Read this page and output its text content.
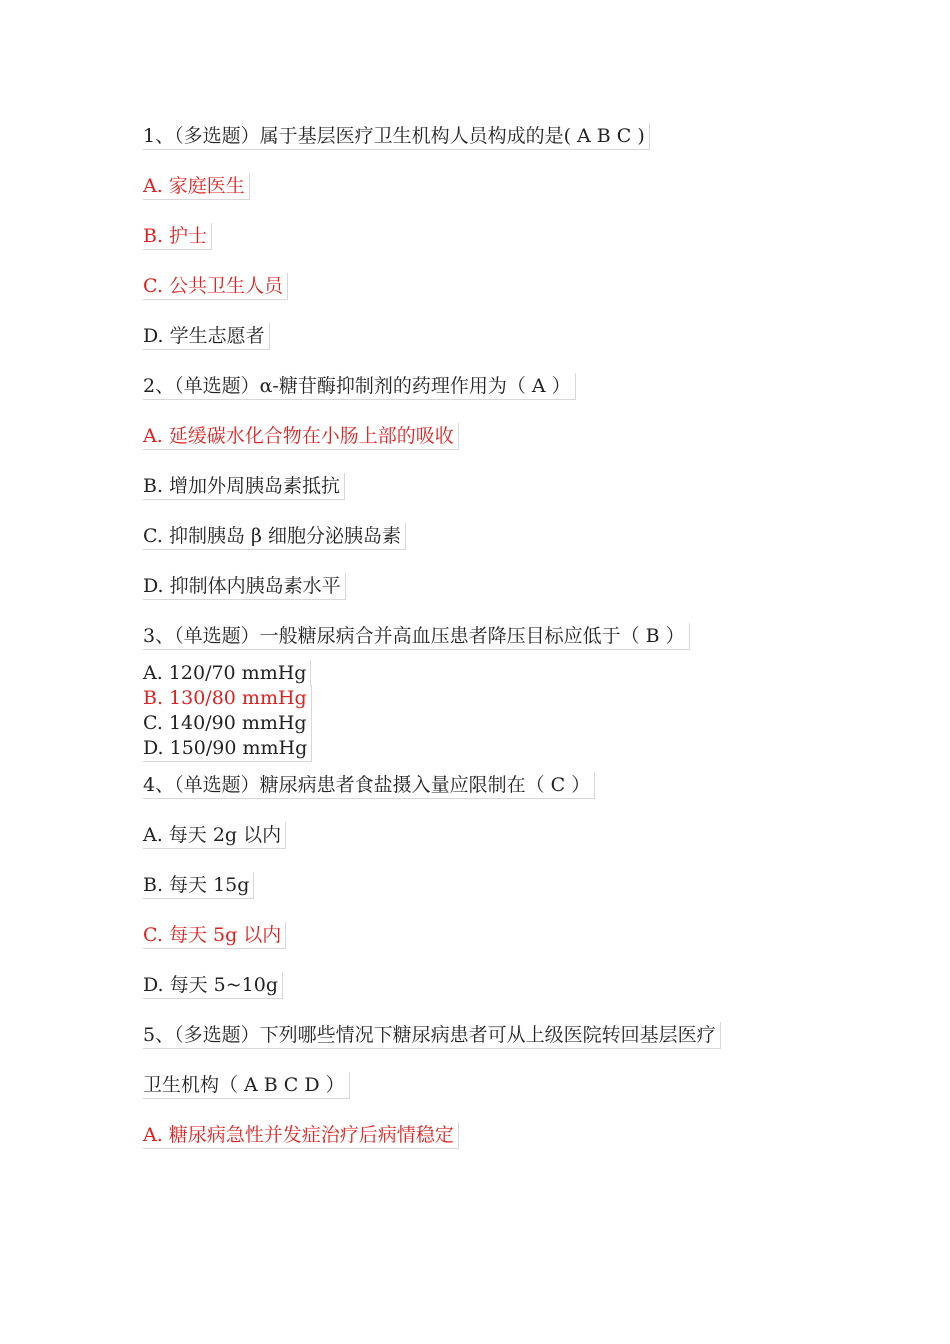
1、（多选题）属于基层医疗卫生机构人员构成的是( A B C )
A. 家庭医生
B. 护士
C. 公共卫生人员
D. 学生志愿者
2、（单选题）α-糖苷酶抑制剂的药理作用为（ A ）
A. 延缓碳水化合物在小肠上部的吸收
B. 增加外周胰岛素抵抗
C. 抑制胰岛 β 细胞分泌胰岛素
D. 抑制体内胰岛素水平
3、（单选题）一般糖尿病合并高血压患者降压目标应低于（ B ）
A. 120/70 mmHg
B. 130/80 mmHg
C. 140/90 mmHg
D. 150/90 mmHg
4、（单选题）糖尿病患者食盐摄入量应限制在（ C ）
A. 每天 2g 以内
B. 每天 15g
C. 每天 5g 以内
D. 每天 5~10g
5、（多选题）下列哪些情况下糖尿病患者可从上级医院转回基层医疗
卫生机构（ A B C D ）
A. 糖尿病急性并发症治疗后病情稳定
